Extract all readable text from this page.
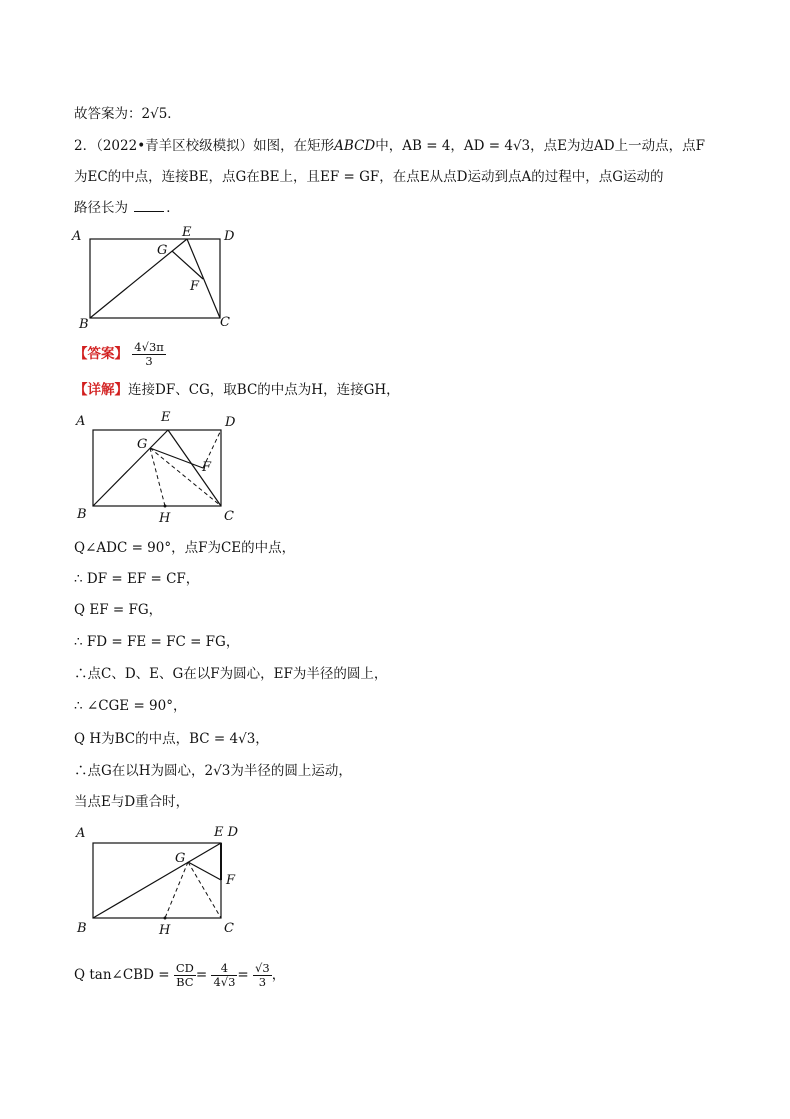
故答案为：2√5．
2．（2022•青羊区校级模拟）如图，在矩形ABCD中，AB = 4，AD = 4√3，点E为边AD上一动点，点F
为EC的中点，连接BE，点G在BE上，且EF = GF，在点E从点D运动到点A的过程中，点G运动的
路径长为	．
A	E	D
G
F
B	C
【答案】 $\frac{4√3\pi}{3}$
【详解】连接DF、CG，取BC的中点为H，连接GH，
A	E	D
G
F
B	H	C
Q∠ADC = 90°，点F为CE的中点，
∴ DF = EF = CF，
Q EF = FG，
∴ FD = FE = FC = FG，
∴点C、D、E、G在以F为圆心，EF为半径的圆上，
∴ ∠CGE = 90°，
Q H为BC的中点，BC = 4√3，
∴点G在以H为圆心，2√3为半径的圆上运动，
当点E与D重合时，
A	E D
G
F
B	H	C
Q tan∠CBD = $\frac{CD}{BC} = \frac{4}{4√3} = \frac{√3}{3}$ ，
